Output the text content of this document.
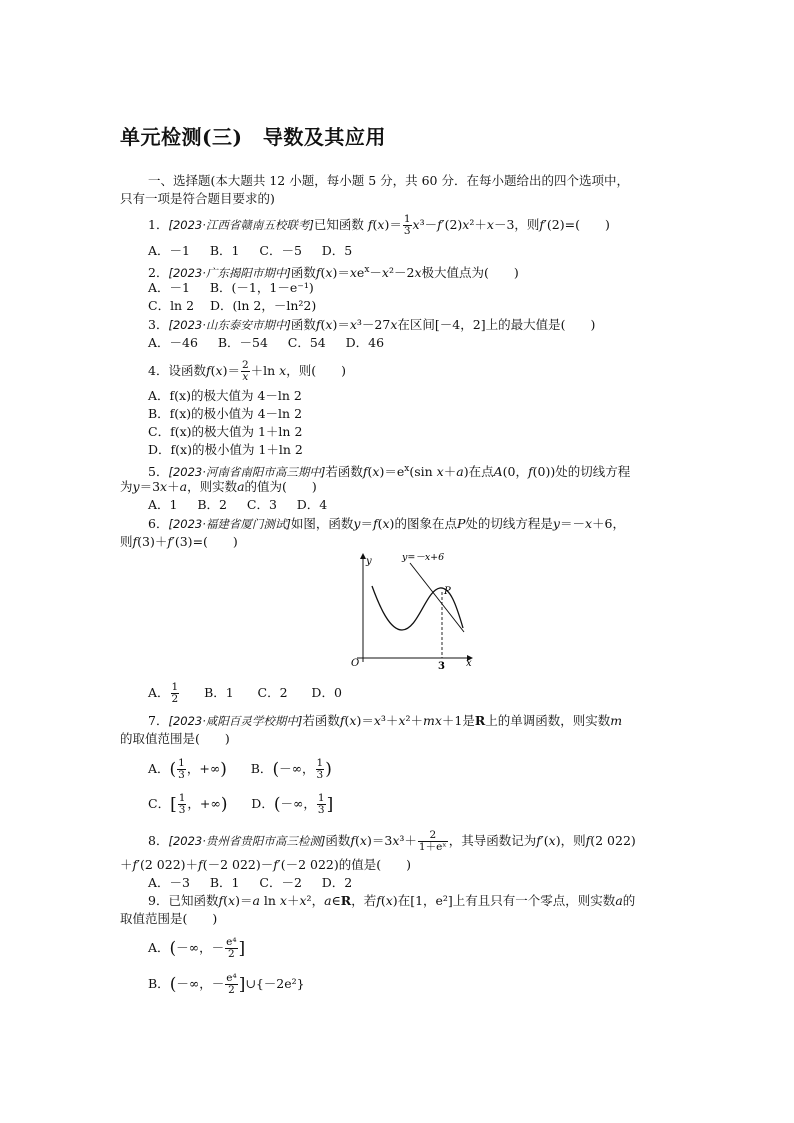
单元检测(三)　导数及其应用
一、选择题(本大题共 12 小题，每小题 5 分，共 60 分．在每小题给出的四个选项中，
只有一项是符合题目要求的)
1．[2023·江西省赣南五校联考]已知函数 $f(x)= \frac{1}{3} x^3-f'(2)x^2+x-3$，则f′(2)=(　　)
A．－1 B．1 C．－5 D．5
2．[2023·广东揭阳市期中]函数$f(x)=xe^x-x^2-2x$极大值点为(　　)
A．－1 B．(－1，1－e⁻¹)
C．ln 2 D．(ln 2，－ln²2)
3．[2023·山东泰安市期中]函数f(x)＝x³－27x在区间[－4，2]上的最大值是(　　)
A．－46 B．－54 C．54 D．46
4．设函数$f(x)= \frac{2}{x} +\ln$ x，则(　　)
A．f(x)的极大值为 4－ln 2
B．f(x)的极小值为 4－ln 2
C．f(x)的极大值为 1＋ln 2
D．f(x)的极小值为 1＋ln 2
5．[2023·河南省南阳市高三期中]若函数$f(x)=e^x(\sin$ x＋a)在点A(0，f(0))处的切线方程
为y＝3x＋a，则实数a的值为(　　)
A．1 B．2 C．3 D．4
6．[2023·福建省厦门测试]如图，函数y＝f(x)的图象在点P处的切线方程是y＝－x＋6，
则f(3)＋f′(3)=(　　)
y	y=－x+6
P
O	3 x
A． $\frac{1}{2}$ B．1 C．2 D．0
7．[2023·咸阳百灵学校期中]若函数f(x)＝x³＋x²＋mx＋1是R上的单调函数，则实数m
的取值范围是(　　)
A．( $\frac{1}{3}$ ，+∞) B．(－∞， $\frac{1}{3}$ )
C．[ $\frac{1}{3}$ ，+∞) D．(－∞， $\frac{1}{3}$ ]
8．[2023·贵州省贵阳市高三检测]函数$f(x)=3x^3+ \frac{2}{\text{1＋eˣ}}$ ，其导函数记为f′(x)，则f(2 022)
＋f′(2 022)＋f(－2 022)－f′(－2 022)的值是(　　)
A．－3 B．1 C．－2 D．2
9．已知函数f(x)＝a ln x＋x²，a∈R，若f(x)在[1，e²]上有且只有一个零点，则实数a的
取值范围是(　　)
A．(－∞，－ $\frac{\text{e⁴}}{2}$ ]
B．(－∞，－ $\frac{\text{e⁴}}{2}$ ]∪{－2e²}
